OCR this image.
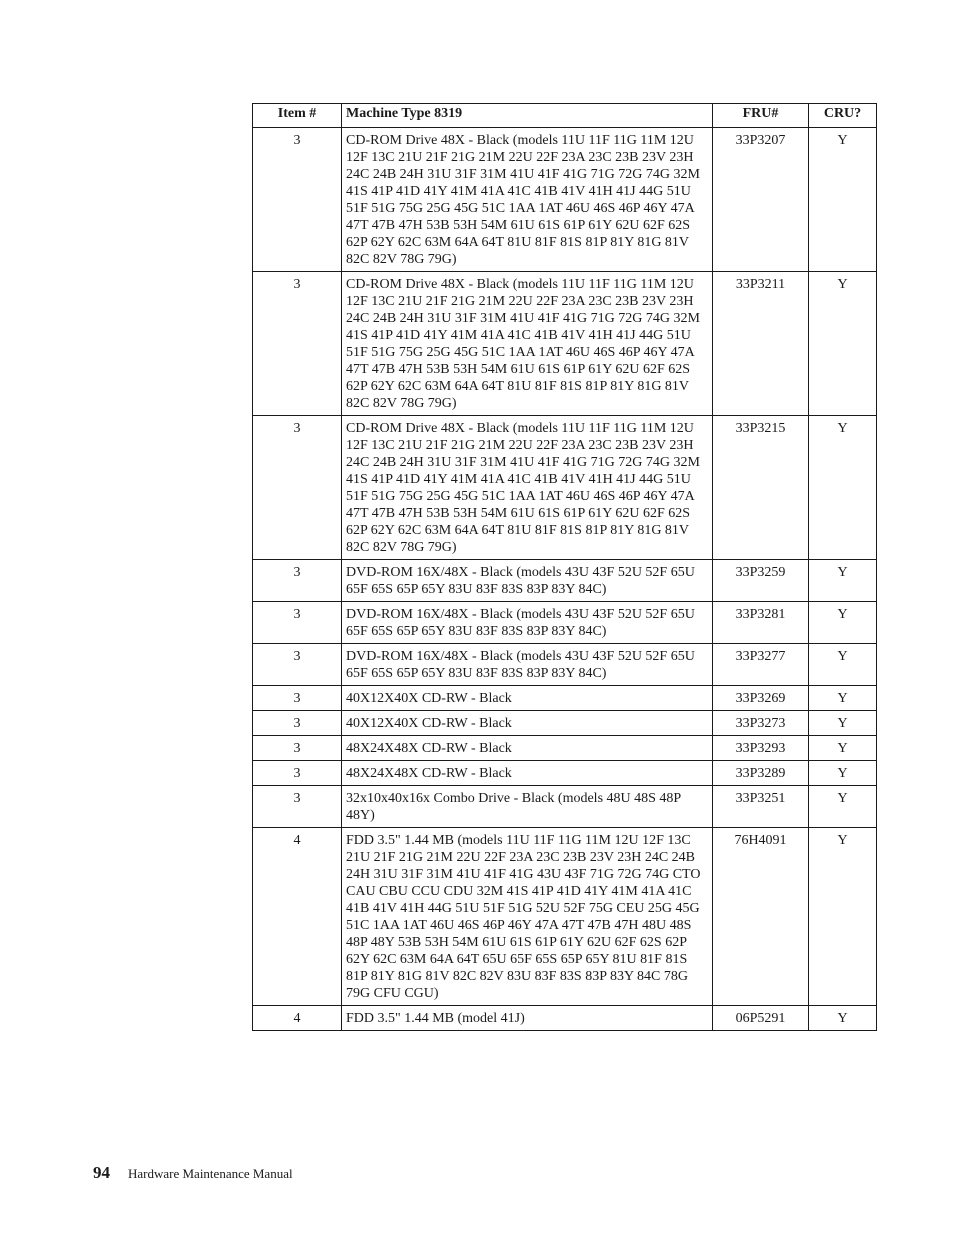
Item #	Machine Type 8319	FRU#	CRU?
3	CD-ROM Drive 48X - Black (models 11U 11F 11G 11M 12U 12F 13C 21U 21F 21G 21M 22U 22F 23A 23C 23B 23V 23H 24C 24B 24H 31U 31F 31M 41U 41F 41G 71G 72G 74G 32M 41S 41P 41D 41Y 41M 41A 41C 41B 41V 41H 41J 44G 51U 51F 51G 75G 25G 45G 51C 1AA 1AT 46U 46S 46P 46Y 47A 47T 47B 47H 53B 53H 54M 61U 61S 61P 61Y 62U 62F 62S 62P 62Y 62C 63M 64A 64T 81U 81F 81S 81P 81Y 81G 81V 82C 82V 78G 79G)	33P3207	Y
3	CD-ROM Drive 48X - Black (models 11U 11F 11G 11M 12U 12F 13C 21U 21F 21G 21M 22U 22F 23A 23C 23B 23V 23H 24C 24B 24H 31U 31F 31M 41U 41F 41G 71G 72G 74G 32M 41S 41P 41D 41Y 41M 41A 41C 41B 41V 41H 41J 44G 51U 51F 51G 75G 25G 45G 51C 1AA 1AT 46U 46S 46P 46Y 47A 47T 47B 47H 53B 53H 54M 61U 61S 61P 61Y 62U 62F 62S 62P 62Y 62C 63M 64A 64T 81U 81F 81S 81P 81Y 81G 81V 82C 82V 78G 79G)	33P3211	Y
3	CD-ROM Drive 48X - Black (models 11U 11F 11G 11M 12U 12F 13C 21U 21F 21G 21M 22U 22F 23A 23C 23B 23V 23H 24C 24B 24H 31U 31F 31M 41U 41F 41G 71G 72G 74G 32M 41S 41P 41D 41Y 41M 41A 41C 41B 41V 41H 41J 44G 51U 51F 51G 75G 25G 45G 51C 1AA 1AT 46U 46S 46P 46Y 47A 47T 47B 47H 53B 53H 54M 61U 61S 61P 61Y 62U 62F 62S 62P 62Y 62C 63M 64A 64T 81U 81F 81S 81P 81Y 81G 81V 82C 82V 78G 79G)	33P3215	Y
3	DVD-ROM 16X/48X - Black (models 43U 43F 52U 52F 65U 65F 65S 65P 65Y 83U 83F 83S 83P 83Y 84C)	33P3259	Y
3	DVD-ROM 16X/48X - Black (models 43U 43F 52U 52F 65U 65F 65S 65P 65Y 83U 83F 83S 83P 83Y 84C)	33P3281	Y
3	DVD-ROM 16X/48X - Black (models 43U 43F 52U 52F 65U 65F 65S 65P 65Y 83U 83F 83S 83P 83Y 84C)	33P3277	Y
3	40X12X40X CD-RW - Black	33P3269	Y
3	40X12X40X CD-RW - Black	33P3273	Y
3	48X24X48X CD-RW - Black	33P3293	Y
3	48X24X48X CD-RW - Black	33P3289	Y
3	32x10x40x16x Combo Drive - Black (models 48U 48S 48P 48Y)	33P3251	Y
4	FDD 3.5" 1.44 MB (models 11U 11F 11G 11M 12U 12F 13C 21U 21F 21G 21M 22U 22F 23A 23C 23B 23V 23H 24C 24B 24H 31U 31F 31M 41U 41F 41G 43U 43F 71G 72G 74G CTO CAU CBU CCU CDU 32M 41S 41P 41D 41Y 41M 41A 41C 41B 41V 41H 44G 51U 51F 51G 52U 52F 75G CEU 25G 45G 51C 1AA 1AT 46U 46S 46P 46Y 47A 47T 47B 47H 48U 48S 48P 48Y 53B 53H 54M 61U 61S 61P 61Y 62U 62F 62S 62P 62Y 62C 63M 64A 64T 65U 65F 65S 65P 65Y 81U 81F 81S 81P 81Y 81G 81V 82C 82V 83U 83F 83S 83P 83Y 84C 78G 79G CFU CGU)	76H4091	Y
4	FDD 3.5" 1.44 MB (model 41J)	06P5291	Y
94 Hardware Maintenance Manual
